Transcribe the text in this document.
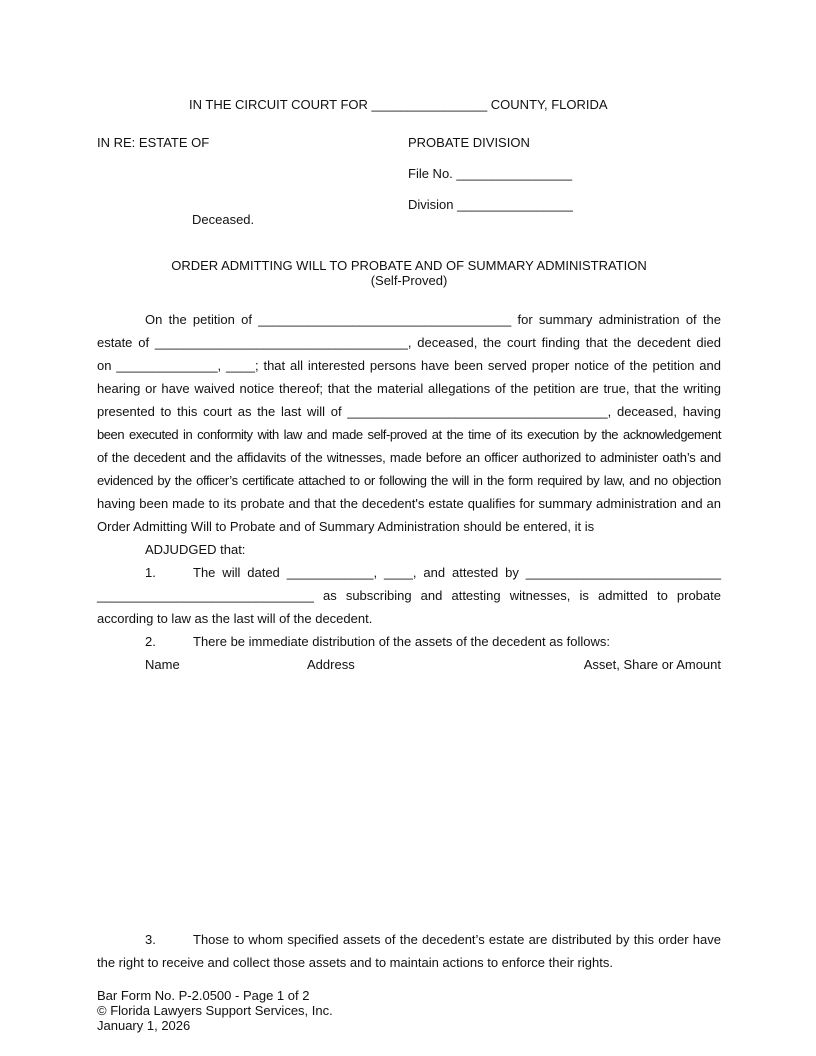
IN THE CIRCUIT COURT FOR ________________ COUNTY, FLORIDA
IN RE: ESTATE OF	PROBATE DIVISION
File No. ________________
Division ________________
Deceased.
ORDER ADMITTING WILL TO PROBATE AND OF SUMMARY ADMINISTRATION
(Self-Proved)
On the petition of ___________________________________ for summary administration of the
estate of ___________________________________, deceased, the court finding that the decedent died
on ______________, ____; that all interested persons have been served proper notice of the petition and
hearing or have waived notice thereof; that the material allegations of the petition are true, that the writing
presented to this court as the last will of ____________________________________, deceased, having
been executed in conformity with law and made self-proved at the time of its execution by the acknowledgement
of the decedent and the affidavits of the witnesses, made before an officer authorized to administer oath’s and
evidenced by the officer’s certificate attached to or following the will in the form required by law, and no objection
having been made to its probate and that the decedent's estate qualifies for summary administration and an
Order Admitting Will to Probate and of Summary Administration should be entered, it is
ADJUDGED that:
1.	The will dated ____________, ____, and attested by ___________________________
______________________________ as subscribing and attesting witnesses, is admitted to probate
according to law as the last will of the decedent.
2.	There be immediate distribution of the assets of the decedent as follows:
Name	Address	Asset, Share or Amount
3.	Those to whom specified assets of the decedent’s estate are distributed by this order have
the right to receive and collect those assets and to maintain actions to enforce their rights.
Bar Form No. P-2.0500 - Page 1 of 2
© Florida Lawyers Support Services, Inc.
January 1, 2026
